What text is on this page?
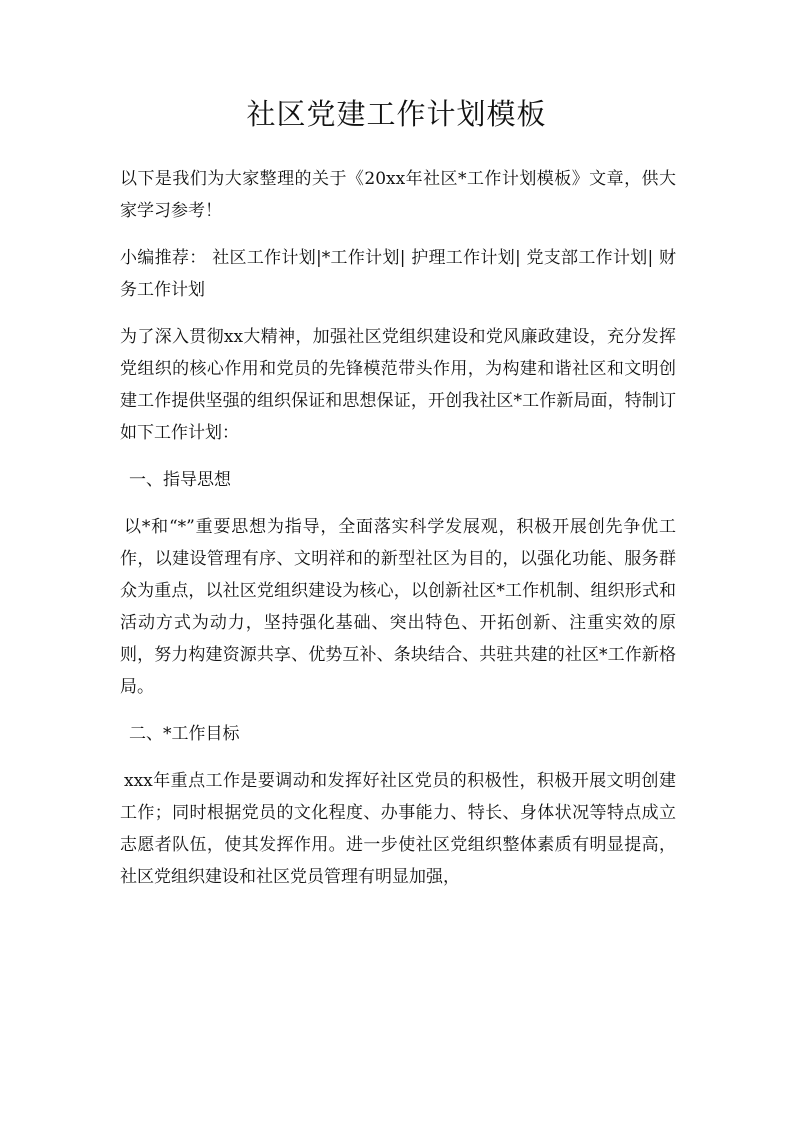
社区党建工作计划模板

以下是我们为大家整理的关于《20xx年社区*工作计划模板》文章，供大家学习参考！

小编推荐： 社区工作计划|*工作计划| 护理工作计划| 党支部工作计划| 财务工作计划

为了深入贯彻xx大精神，加强社区党组织建设和党风廉政建设，充分发挥党组织的核心作用和党员的先锋模范带头作用，为构建和谐社区和文明创建工作提供坚强的组织保证和思想保证，开创我社区*工作新局面，特制订如下工作计划：

一、指导思想

以*和“*”重要思想为指导，全面落实科学发展观，积极开展创先争优工作，以建设管理有序、文明祥和的新型社区为目的，以强化功能、服务群众为重点，以社区党组织建设为核心，以创新社区*工作机制、组织形式和活动方式为动力，坚持强化基础、突出特色、开拓创新、注重实效的原则，努力构建资源共享、优势互补、条块结合、共驻共建的社区*工作新格局。

二、*工作目标

xxx年重点工作是要调动和发挥好社区党员的积极性，积极开展文明创建工作；同时根据党员的文化程度、办事能力、特长、身体状况等特点成立志愿者队伍，使其发挥作用。进一步使社区党组织整体素质有明显提高，社区党组织建设和社区党员管理有明显加强，
